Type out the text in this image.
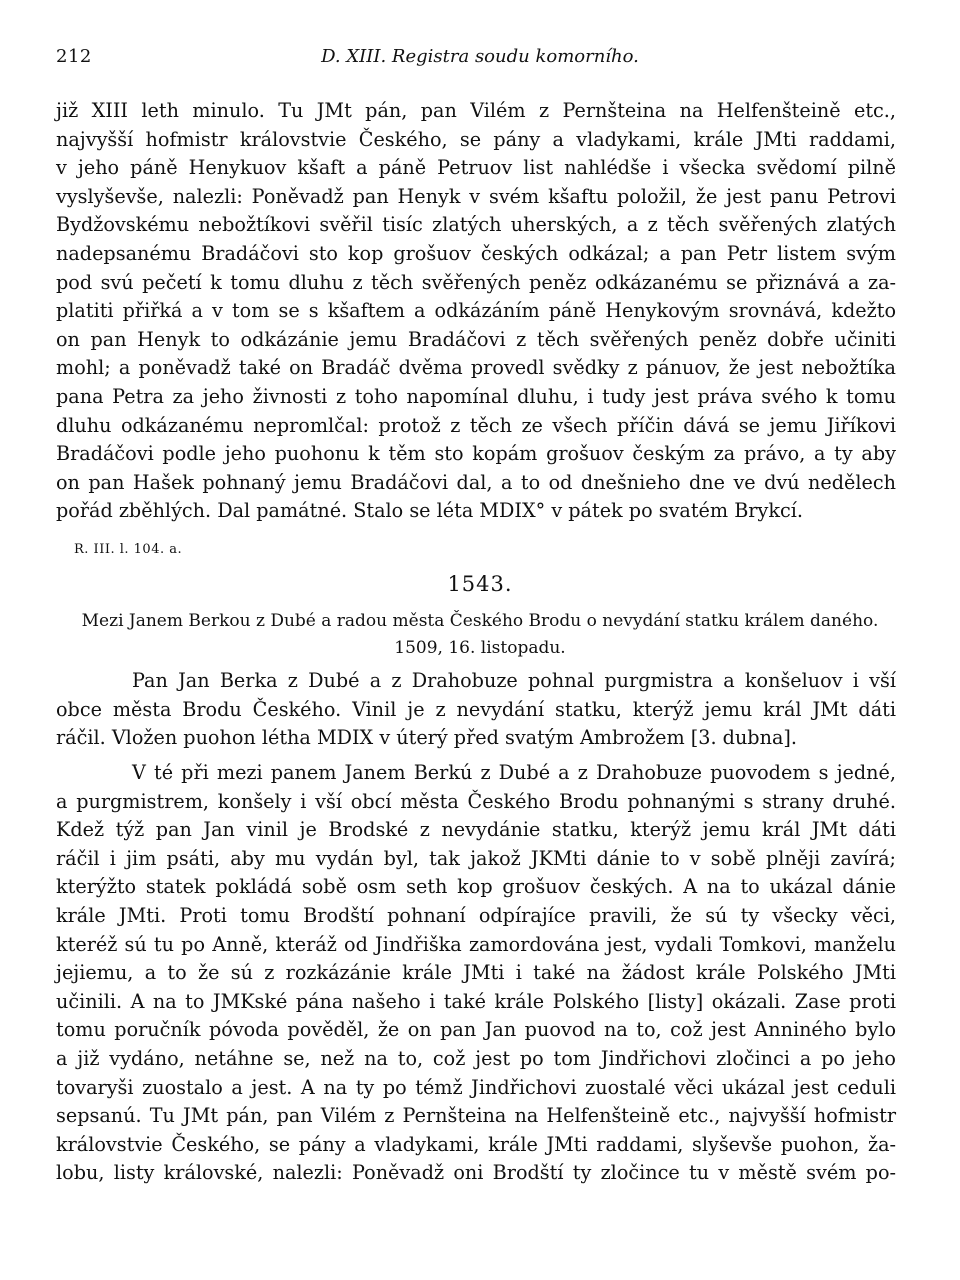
212	D. XIII. Registra soudu komorního.
již XIII leth minulo. Tu JMt pán, pan Vilém z Pernšteina na Helfenšteině etc.,
najvyšší hofmistr královstvie Českého, se pány a vladykami, krále JMti raddami,
v jeho páně Henykuov kšaft a páně Petruov list nahlédše i všecka svědomí pilně
vyslyševše, nalezli: Poněvadž pan Henyk v svém kšaftu položil, že jest panu Petrovi
Bydžovskému nebožtíkovi svěřil tisíc zlatých uherských, a z těch svěřených zlatých
nadepsanému Bradáčovi sto kop grošuov českých odkázal; a pan Petr listem svým
pod svú pečetí k tomu dluhu z těch svěřených peněz odkázanému se přiznává a za-
platiti přiřká a v tom se s kšaftem a odkázáním páně Henykovým srovnává, kdežto
on pan Henyk to odkázánie jemu Bradáčovi z těch svěřených peněz dobře učiniti
mohl; a poněvadž také on Bradáč dvěma provedl svědky z pánuov, že jest nebožtíka
pana Petra za jeho živnosti z toho napomínal dluhu, i tudy jest práva svého k tomu
dluhu odkázanému nepromlčal: protož z těch ze všech příčin dává se jemu Jiříkovi
Bradáčovi podle jeho puohonu k těm sto kopám grošuov českým za právo, a ty aby
on pan Hašek pohnaný jemu Bradáčovi dal, a to od dnešnieho dne ve dvú nedělech
pořád zběhlých. Dal památné. Stalo se léta MDIX° v pátek po svatém Brykcí.
R. III. l. 104. a.
1543.
Mezi Janem Berkou z Dubé a radou města Českého Brodu o nevydání statku králem daného.
1509, 16. listopadu.
Pan Jan Berka z Dubé a z Drahobuze pohnal purgmistra a konšeluov i vší
obce města Brodu Českého. Vinil je z nevydání statku, kterýž jemu král JMt dáti
ráčil. Vložen puohon létha MDIX v úterý před svatým Ambrožem [3. dubna].
V té při mezi panem Janem Berkú z Dubé a z Drahobuze puovodem s jedné,
a purgmistrem, konšely i vší obcí města Českého Brodu pohnanými s strany druhé.
Kdež týž pan Jan vinil je Brodské z nevydánie statku, kterýž jemu král JMt dáti
ráčil i jim psáti, aby mu vydán byl, tak jakož JKMti dánie to v sobě plněji zavírá;
kterýžto statek pokládá sobě osm seth kop grošuov českých. A na to ukázal dánie
krále JMti. Proti tomu Brodští pohnaní odpírajíce pravili, že sú ty všecky věci,
kteréž sú tu po Anně, kteráž od Jindřiška zamordována jest, vydali Tomkovi, manželu
jejiemu, a to že sú z rozkázánie krále JMti i také na žádost krále Polského JMti
učinili. A na to JMKské pána našeho i také krále Polského [listy] okázali. Zase proti
tomu poručník póvoda pověděl, že on pan Jan puovod na to, což jest Anniného bylo
a již vydáno, netáhne se, než na to, což jest po tom Jindřichovi zločinci a po jeho
tovaryši zuostalo a jest. A na ty po témž Jindřichovi zuostalé věci ukázal jest ceduli
sepsanú. Tu JMt pán, pan Vilém z Pernšteina na Helfenšteině etc., najvyšší hofmistr
královstvie Českého, se pány a vladykami, krále JMti raddami, slyševše puohon, ža-
lobu, listy královské, nalezli: Poněvadž oni Brodští ty zločince tu v městě svém po-
